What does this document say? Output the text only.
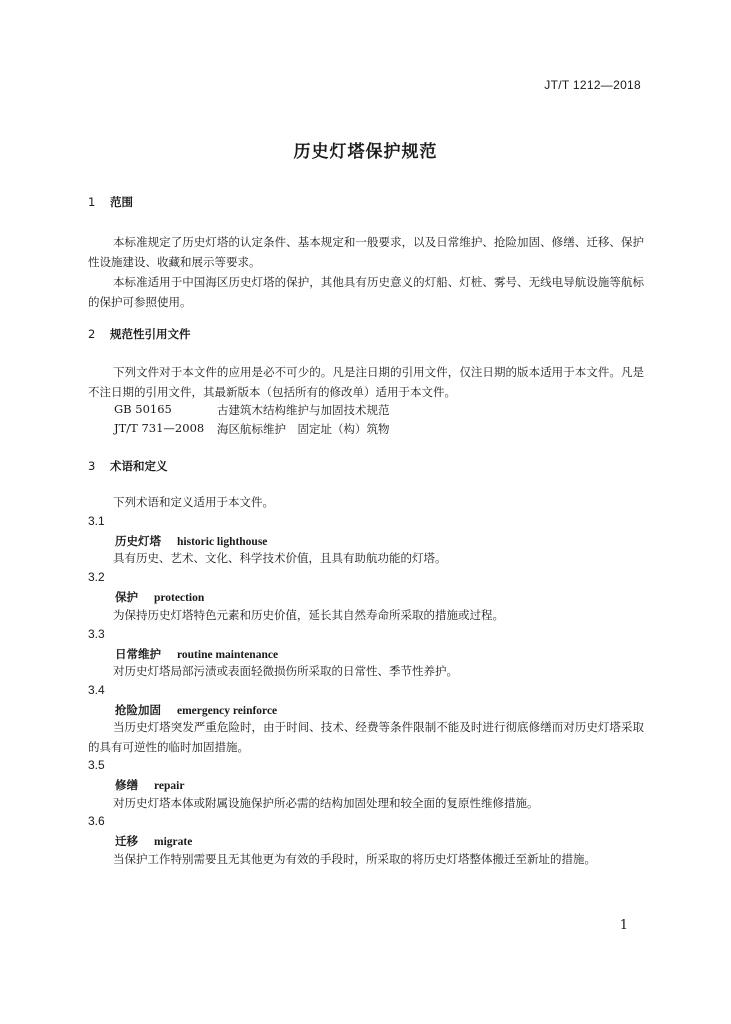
JT/T 1212—2018
历史灯塔保护规范
1 范围
本标准规定了历史灯塔的认定条件、基本规定和一般要求，以及日常维护、抢险加固、修缮、迁移、保护性设施建设、收藏和展示等要求。
本标准适用于中国海区历史灯塔的保护，其他具有历史意义的灯船、灯桩、雾号、无线电导航设施等航标的保护可参照使用。
2 规范性引用文件
下列文件对于本文件的应用是必不可少的。凡是注日期的引用文件，仅注日期的版本适用于本文件。凡是不注日期的引用文件，其最新版本（包括所有的修改单）适用于本文件。
GB 50165	古建筑木结构维护与加固技术规范
JT/T 731—2008 海区航标维护　固定址（构）筑物
3 术语和定义
下列术语和定义适用于本文件。
3.1
历史灯塔 historic lighthouse
具有历史、艺术、文化、科学技术价值，且具有助航功能的灯塔。
3.2
保护 protection
为保持历史灯塔特色元素和历史价值，延长其自然寿命所采取的措施或过程。
3.3
日常维护 routine maintenance
对历史灯塔局部污渍或表面轻微损伤所采取的日常性、季节性养护。
3.4
抢险加固 emergency reinforce
当历史灯塔突发严重危险时，由于时间、技术、经费等条件限制不能及时进行彻底修缮而对历史灯塔采取的具有可逆性的临时加固措施。
3.5
修缮 repair
对历史灯塔本体或附属设施保护所必需的结构加固处理和较全面的复原性维修措施。
3.6
迁移 migrate
当保护工作特别需要且无其他更为有效的手段时，所采取的将历史灯塔整体搬迁至新址的措施。
1
